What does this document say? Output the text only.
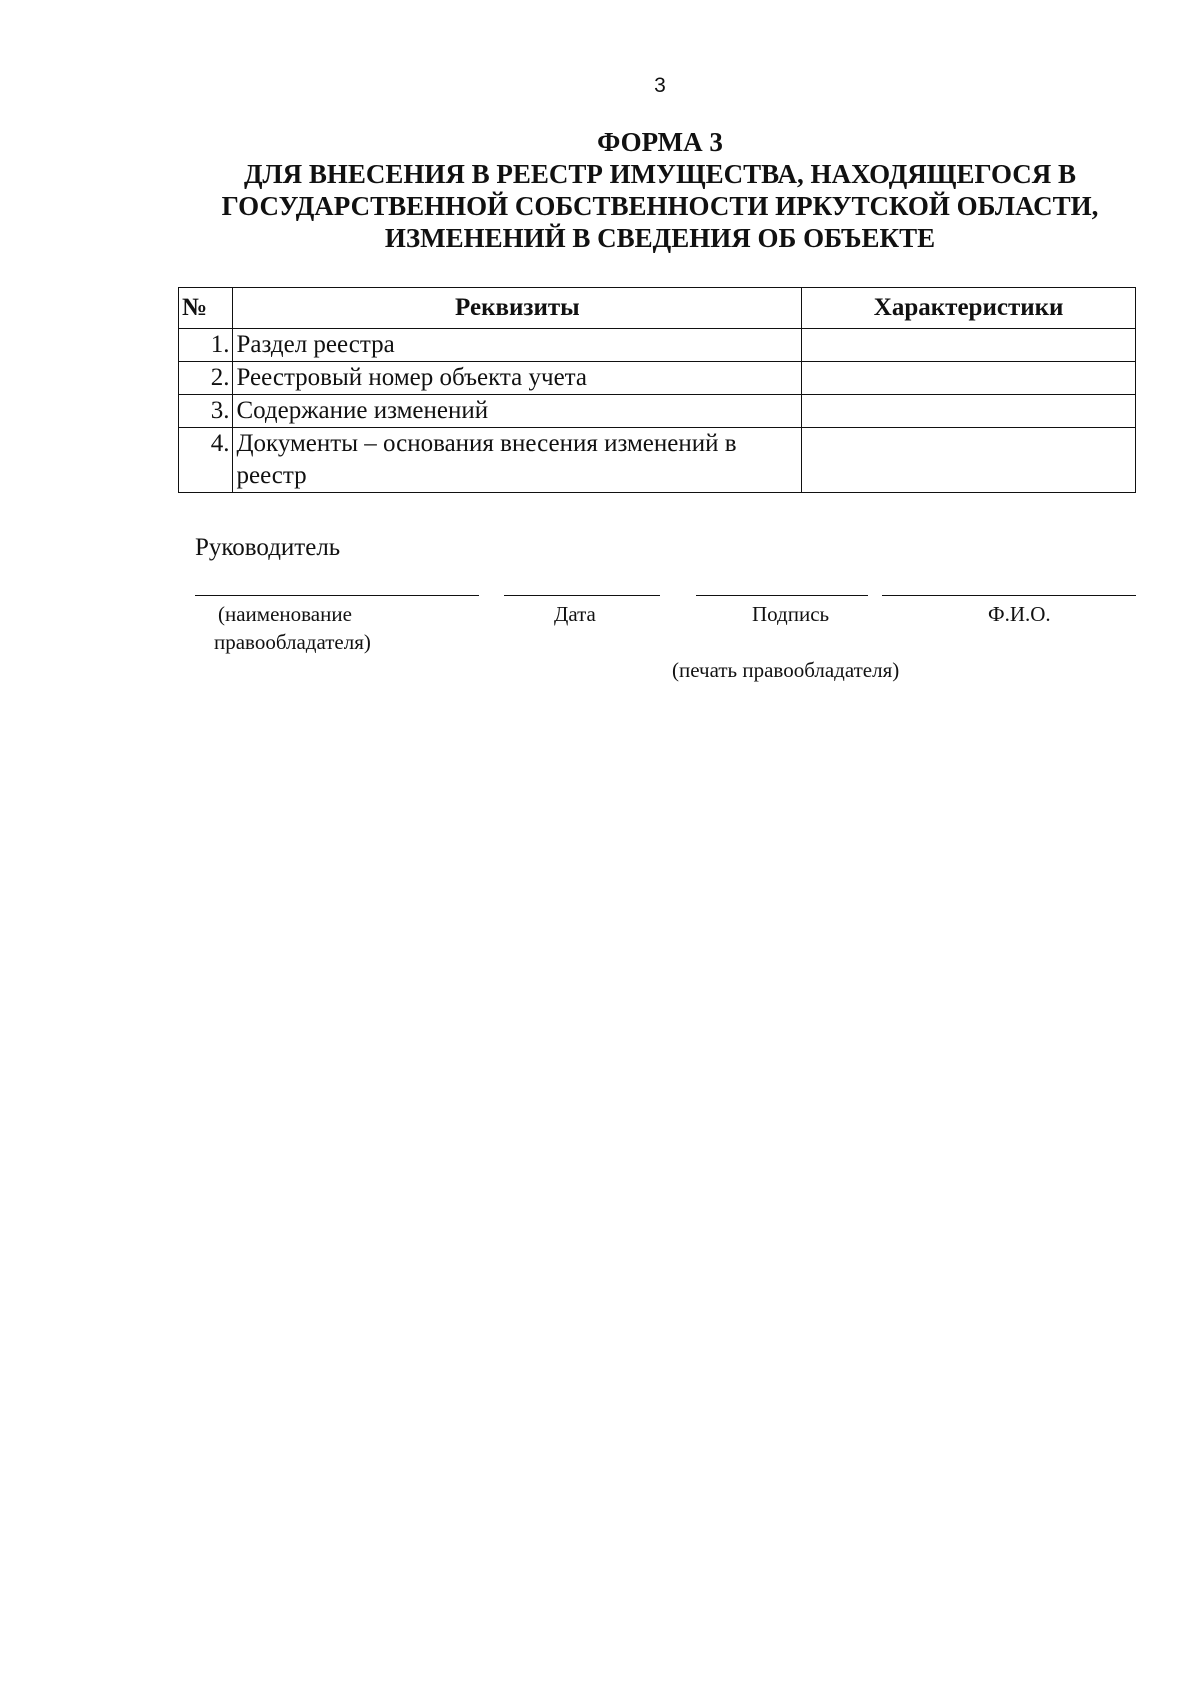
3
ФОРМА 3
ДЛЯ ВНЕСЕНИЯ В РЕЕСТР ИМУЩЕСТВА, НАХОДЯЩЕГОСЯ В
ГОСУДАРСТВЕННОЙ СОБСТВЕННОСТИ ИРКУТСКОЙ ОБЛАСТИ,
ИЗМЕНЕНИЙ В СВЕДЕНИЯ ОБ ОБЪЕКТЕ
№	Реквизиты	Характеристики
1.	Раздел реестра	
2.	Реестровый номер объекта учета	
3.	Содержание изменений	
4.	Документы – основания внесения изменений в
реестр	

Руководитель
(наименование
правообладателя)
Дата	Подпись	Ф.И.О.
(печать правообладателя)
